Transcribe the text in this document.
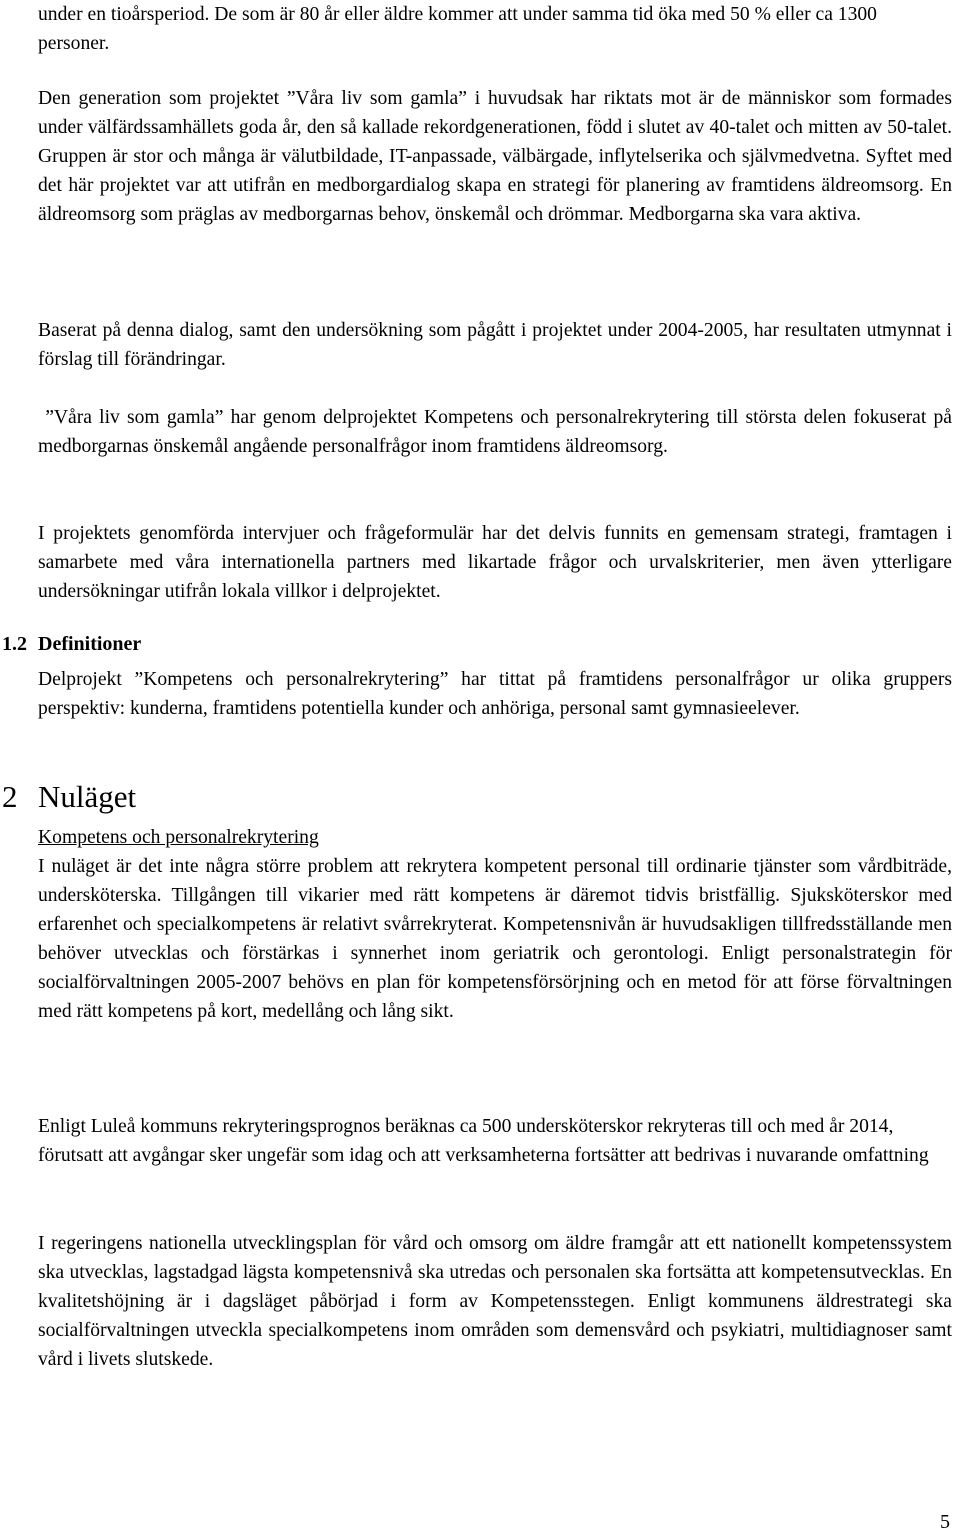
under en tioårsperiod. De som är 80 år eller äldre kommer att under samma tid öka med 50 % eller ca 1300 personer.

Den generation som projektet ”Våra liv som gamla” i huvudsak har riktats mot är de människor som formades under välfärdssamhällets goda år, den så kallade rekordgenerationen, född i slutet av 40-talet och mitten av 50-talet. Gruppen är stor och många är välutbildade, IT-anpassade, välbärgade, inflytelserika och självmedvetna. Syftet med det här projektet var att utifrån en medborgardialog skapa en strategi för planering av framtidens äldreomsorg. En äldreomsorg som präglas av medborgarnas behov, önskemål och drömmar. Medborgarna ska vara aktiva.

Baserat på denna dialog, samt den undersökning som pågått i projektet under 2004-2005, har resultaten utmynnat i förslag till förändringar.

”Våra liv som gamla” har genom delprojektet Kompetens och personalrekrytering till största delen fokuserat på medborgarnas önskemål angående personalfrågor inom framtidens äldreomsorg.

I projektets genomförda intervjuer och frågeformulär har det delvis funnits en gemensam strategi, framtagen i samarbete med våra internationella partners med likartade frågor och urvalskriterier, men även ytterligare undersökningar utifrån lokala villkor i delprojektet.

1.2 Definitioner

Delprojekt ”Kompetens och personalrekrytering” har tittat på framtidens personalfrågor ur olika gruppers perspektiv: kunderna, framtidens potentiella kunder och anhöriga, personal samt gymnasieelever.

2 Nuläget

Kompetens och personalrekrytering

I nuläget är det inte några större problem att rekrytera kompetent personal till ordinarie tjänster som vårdbiträde, undersköterska. Tillgången till vikarier med rätt kompetens är däremot tidvis bristfällig. Sjuksköterskor med erfarenhet och specialkompetens är relativt svårrekryterat. Kompetensnivån är huvudsakligen tillfredsställande men behöver utvecklas och förstärkas i synnerhet inom geriatrik och gerontologi. Enligt personalstrategin för socialförvaltningen 2005-2007 behövs en plan för kompetensförsörjning och en metod för att förse förvaltningen med rätt kompetens på kort, medellång och lång sikt.

Enligt Luleå kommuns rekryteringsprognos beräknas ca 500 undersköterskor rekryteras till och med år 2014, förutsatt att avgångar sker ungefär som idag och att verksamheterna fortsätter att bedrivas i nuvarande omfattning

I regeringens nationella utvecklingsplan för vård och omsorg om äldre framgår att ett nationellt kompetenssystem ska utvecklas, lagstadgad lägsta kompetensnivå ska utredas och personalen ska fortsätta att kompetensutvecklas. En kvalitetshöjning är i dagsläget påbörjad i form av Kompetensstegen. Enligt kommunens äldrestrategi ska socialförvaltningen utveckla specialkompetens inom områden som demensvård och psykiatri, multidiagnoser samt vård i livets slutskede.

5
